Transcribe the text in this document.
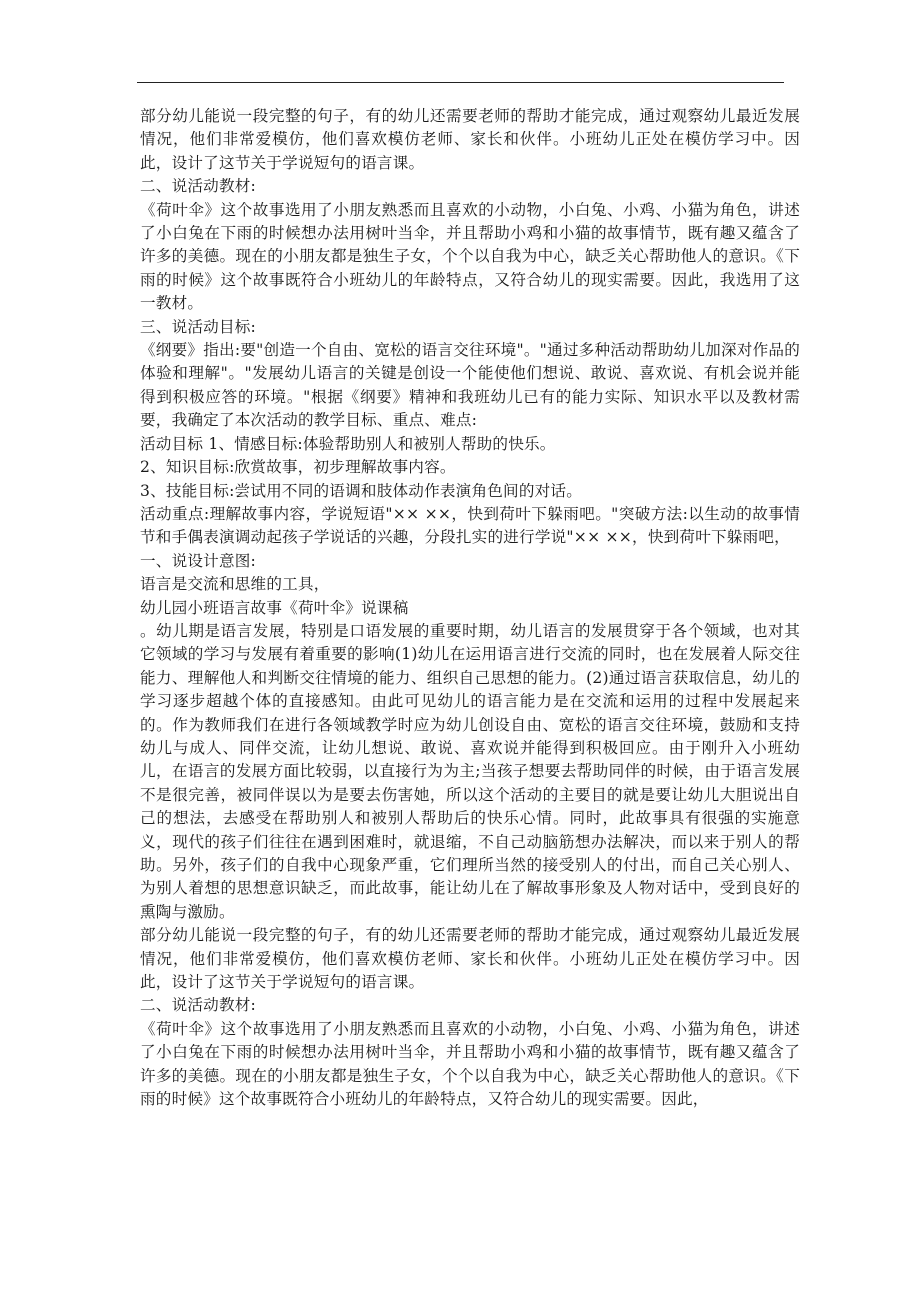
部分幼儿能说一段完整的句子，有的幼儿还需要老师的帮助才能完成，通过观察幼儿最近发展情况，他们非常爱模仿，他们喜欢模仿老师、家长和伙伴。小班幼儿正处在模仿学习中。因此，设计了这节关于学说短句的语言课。

二、说活动教材:

《荷叶伞》这个故事选用了小朋友熟悉而且喜欢的小动物，小白兔、小鸡、小猫为角色，讲述了小白兔在下雨的时候想办法用树叶当伞，并且帮助小鸡和小猫的故事情节，既有趣又蕴含了许多的美德。现在的小朋友都是独生子女，个个以自我为中心，缺乏关心帮助他人的意识。《下雨的时候》这个故事既符合小班幼儿的年龄特点，又符合幼儿的现实需要。因此，我选用了这一教材。

三、说活动目标:

《纲要》指出:要"创造一个自由、宽松的语言交往环境"。"通过多种活动帮助幼儿加深对作品的体验和理解"。"发展幼儿语言的关键是创设一个能使他们想说、敢说、喜欢说、有机会说并能得到积极应答的环境。"根据《纲要》精神和我班幼儿已有的能力实际、知识水平以及教材需要，我确定了本次活动的教学目标、重点、难点:

活动目标 1、情感目标:体验帮助别人和被别人帮助的快乐。

2、知识目标:欣赏故事，初步理解故事内容。

3、技能目标:尝试用不同的语调和肢体动作表演角色间的对话。

活动重点:理解故事内容，学说短语"×× ××，快到荷叶下躲雨吧。"突破方法:以生动的故事情节和手偶表演调动起孩子学说话的兴趣，分段扎实的进行学说"×× ××，快到荷叶下躲雨吧，

一、说设计意图:

语言是交流和思维的工具，

幼儿园小班语言故事《荷叶伞》说课稿

。幼儿期是语言发展，特别是口语发展的重要时期，幼儿语言的发展贯穿于各个领域，也对其它领域的学习与发展有着重要的影响(1)幼儿在运用语言进行交流的同时，也在发展着人际交往能力、理解他人和判断交往情境的能力、组织自己思想的能力。(2)通过语言获取信息，幼儿的学习逐步超越个体的直接感知。由此可见幼儿的语言能力是在交流和运用的过程中发展起来的。作为教师我们在进行各领域教学时应为幼儿创设自由、宽松的语言交往环境，鼓励和支持幼儿与成人、同伴交流，让幼儿想说、敢说、喜欢说并能得到积极回应。由于刚升入小班幼儿，在语言的发展方面比较弱，以直接行为为主;当孩子想要去帮助同伴的时候，由于语言发展不是很完善，被同伴误以为是要去伤害她，所以这个活动的主要目的就是要让幼儿大胆说出自己的想法，去感受在帮助别人和被别人帮助后的快乐心情。同时，此故事具有很强的实施意义，现代的孩子们往往在遇到困难时，就退缩，不自己动脑筋想办法解决，而以来于别人的帮助。另外，孩子们的自我中心现象严重，它们理所当然的接受别人的付出，而自己关心别人、为别人着想的思想意识缺乏，而此故事，能让幼儿在了解故事形象及人物对话中，受到良好的熏陶与激励。

部分幼儿能说一段完整的句子，有的幼儿还需要老师的帮助才能完成，通过观察幼儿最近发展情况，他们非常爱模仿，他们喜欢模仿老师、家长和伙伴。小班幼儿正处在模仿学习中。因此，设计了这节关于学说短句的语言课。

二、说活动教材:

《荷叶伞》这个故事选用了小朋友熟悉而且喜欢的小动物，小白兔、小鸡、小猫为角色，讲述了小白兔在下雨的时候想办法用树叶当伞，并且帮助小鸡和小猫的故事情节，既有趣又蕴含了许多的美德。现在的小朋友都是独生子女，个个以自我为中心，缺乏关心帮助他人的意识。《下雨的时候》这个故事既符合小班幼儿的年龄特点，又符合幼儿的现实需要。因此，
